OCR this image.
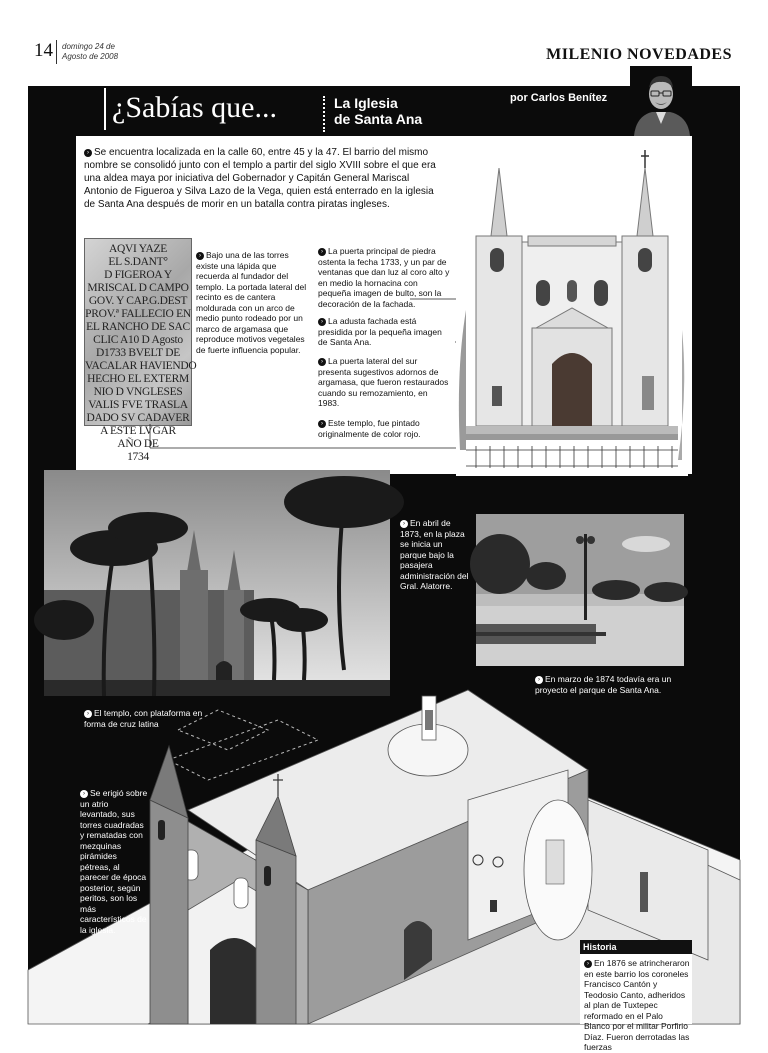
14 domingo 24 de
Agosto de 2008	MILENIO NOVEDADES
¿Sabías que...	La Iglesia
de Santa Ana
por Carlos Benítez
› Se encuentra localizada en la calle 60, entre 45 y la 47. El barrio del mismo nombre se consolidó junto con el templo a partir del siglo XVIII sobre el que era una aldea maya por iniciativa del Gobernador y Capitán General Mariscal Antonio de Figueroa y Silva Lazo de la Vega, quien está enterrado en la iglesia de Santa Ana después de morir en un batalla contra piratas ingleses.
AQVI YAZE
EL S.DANT°
D FIGEROA Y
MRISCAL D CAMPO
GOV. Y CAP.G.DEST
PROV.ª FALLECIO EN
EL RANCHO DE SAC
CLIC A10 D Agosto
D1733 BVELT DE
VACALAR HAVIENDO
HECHO EL EXTERM
NIO D VNGLESES
VALIS FVE TRASLA
DADO SV CADAVER
A ESTE LVGAR
AÑO DE
1734
› Bajo una de las torres existe una lápida que recuerda al fundador del templo. La portada lateral del recinto es de cantera moldurada con un arco de medio punto rodeado por un marco de argamasa que reproduce motivos vegetales de fuerte influencia popular.
› La puerta principal de piedra ostenta la fecha 1733, y un par de ventanas que dan luz al coro alto y en medio la hornacina con pequeña imagen de bulto, son la decoración de la fachada.
› La adusta fachada está presidida por la pequeña imagen de Santa Ana.
› La puerta lateral del sur presenta sugestivos adornos de argamasa, que fueron restaurados cuando su remozamiento, en 1983.
› Este templo, fue pintado originalmente de color rojo.
› En abril de 1873, en la plaza se inicia un parque bajo la pasajera administración del Gral. Alatorre.
› En marzo de 1874 todavía era un proyecto el parque de Santa Ana.
› El templo, con plataforma en forma de cruz latina
› Se erigió sobre un atrio levantado, sus torres cuadradas y rematadas con mezquinas pirámides pétreas, al parecer de época posterior, según peritos, son los más característicos de la iglesia.
Historia
› En 1876 se atrincheraron en este barrio los coroneles Francisco Cantón y Teodosio Canto, adheridos al plan de Tuxtepec reformado en el Palo Blanco por el militar Porfirio Díaz. Fueron derrotadas las fuerzas
